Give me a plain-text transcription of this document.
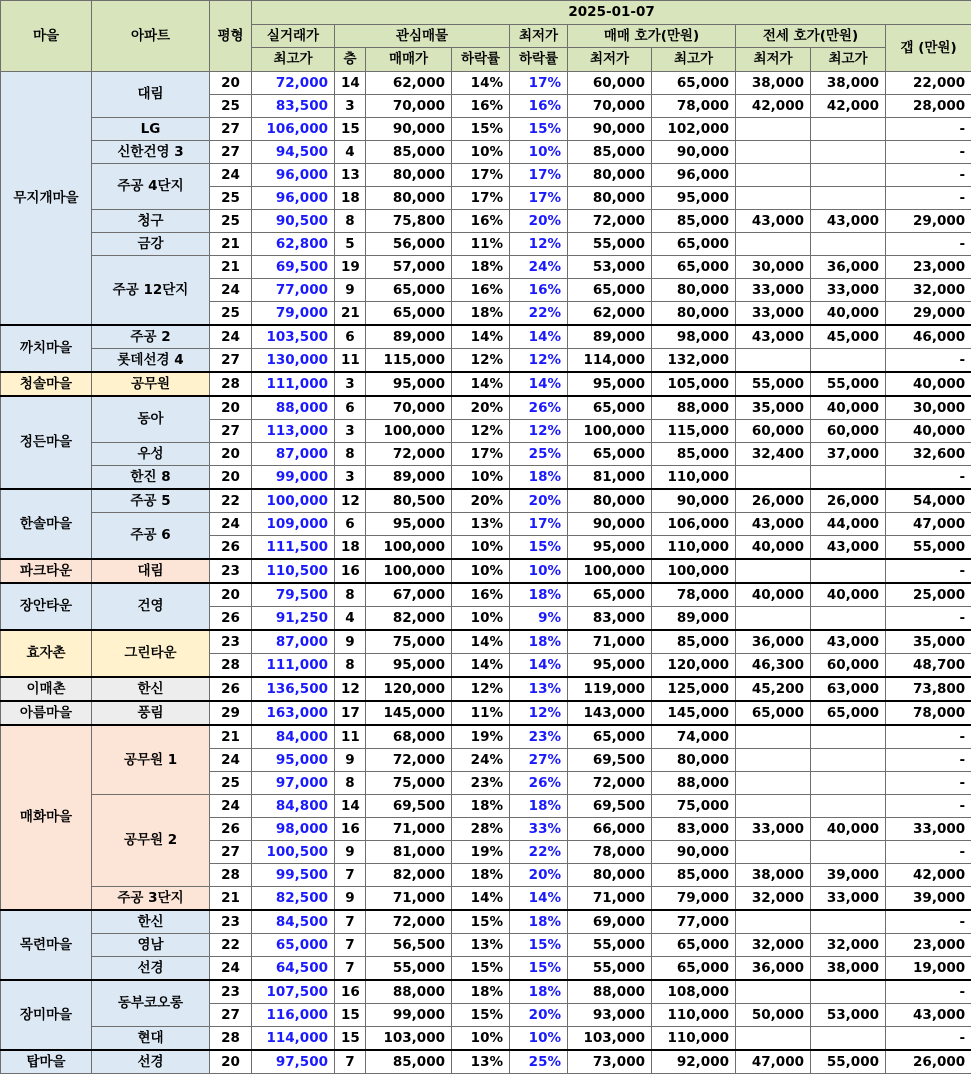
마을	아파트	평형	2025-01-07									
			실거래가	관심매물			최저가	매매 호가(만원)		전세 호가(만원)		갭 (만원)
			최고가	층	매매가	하락률	하락률	최저가	최고가	최저가	최고가	
무지개마을	대림	20	72,000	14	62,000	14%	17%	60,000	65,000	38,000	38,000	22,000
		25	83,500	3	70,000	16%	16%	70,000	78,000	42,000	42,000	28,000
	LG	27	106,000	15	90,000	15%	15%	90,000	102,000			-
	신한건영 3	27	94,500	4	85,000	10%	10%	85,000	90,000			-
	주공 4단지	24	96,000	13	80,000	17%	17%	80,000	96,000			-
		25	96,000	18	80,000	17%	17%	80,000	95,000			-
	청구	25	90,500	8	75,800	16%	20%	72,000	85,000	43,000	43,000	29,000
	금강	21	62,800	5	56,000	11%	12%	55,000	65,000			-
	주공 12단지	21	69,500	19	57,000	18%	24%	53,000	65,000	30,000	36,000	23,000
		24	77,000	9	65,000	16%	16%	65,000	80,000	33,000	33,000	32,000
		25	79,000	21	65,000	18%	22%	62,000	80,000	33,000	40,000	29,000
까치마을	주공 2	24	103,500	6	89,000	14%	14%	89,000	98,000	43,000	45,000	46,000
	롯데선경 4	27	130,000	11	115,000	12%	12%	114,000	132,000			-
청솔마을	공무원	28	111,000	3	95,000	14%	14%	95,000	105,000	55,000	55,000	40,000
정든마을	동아	20	88,000	6	70,000	20%	26%	65,000	88,000	35,000	40,000	30,000
		27	113,000	3	100,000	12%	12%	100,000	115,000	60,000	60,000	40,000
	우성	20	87,000	8	72,000	17%	25%	65,000	85,000	32,400	37,000	32,600
	한진 8	20	99,000	3	89,000	10%	18%	81,000	110,000			-
한솔마을	주공 5	22	100,000	12	80,500	20%	20%	80,000	90,000	26,000	26,000	54,000
	주공 6	24	109,000	6	95,000	13%	17%	90,000	106,000	43,000	44,000	47,000
		26	111,500	18	100,000	10%	15%	95,000	110,000	40,000	43,000	55,000
파크타운	대림	23	110,500	16	100,000	10%	10%	100,000	100,000			-
장안타운	건영	20	79,500	8	67,000	16%	18%	65,000	78,000	40,000	40,000	25,000
		26	91,250	4	82,000	10%	9%	83,000	89,000			-
효자촌	그린타운	23	87,000	9	75,000	14%	18%	71,000	85,000	36,000	43,000	35,000
		28	111,000	8	95,000	14%	14%	95,000	120,000	46,300	60,000	48,700
이매촌	한신	26	136,500	12	120,000	12%	13%	119,000	125,000	45,200	63,000	73,800
아름마을	풍림	29	163,000	17	145,000	11%	12%	143,000	145,000	65,000	65,000	78,000
매화마을	공무원 1	21	84,000	11	68,000	19%	23%	65,000	74,000			-
		24	95,000	9	72,000	24%	27%	69,500	80,000			-
		25	97,000	8	75,000	23%	26%	72,000	88,000			-
	공무원 2	24	84,800	14	69,500	18%	18%	69,500	75,000			-
		26	98,000	16	71,000	28%	33%	66,000	83,000	33,000	40,000	33,000
		27	100,500	9	81,000	19%	22%	78,000	90,000			-
		28	99,500	7	82,000	18%	20%	80,000	85,000	38,000	39,000	42,000
	주공 3단지	21	82,500	9	71,000	14%	14%	71,000	79,000	32,000	33,000	39,000
목련마을	한신	23	84,500	7	72,000	15%	18%	69,000	77,000			-
	영남	22	65,000	7	56,500	13%	15%	55,000	65,000	32,000	32,000	23,000
	선경	24	64,500	7	55,000	15%	15%	55,000	65,000	36,000	38,000	19,000
장미마을	동부코오롱	23	107,500	16	88,000	18%	18%	88,000	108,000			-
		27	116,000	15	99,000	15%	20%	93,000	110,000	50,000	53,000	43,000
	현대	28	114,000	15	103,000	10%	10%	103,000	110,000			-
탑마을	선경	20	97,500	7	85,000	13%	25%	73,000	92,000	47,000	55,000	26,000
